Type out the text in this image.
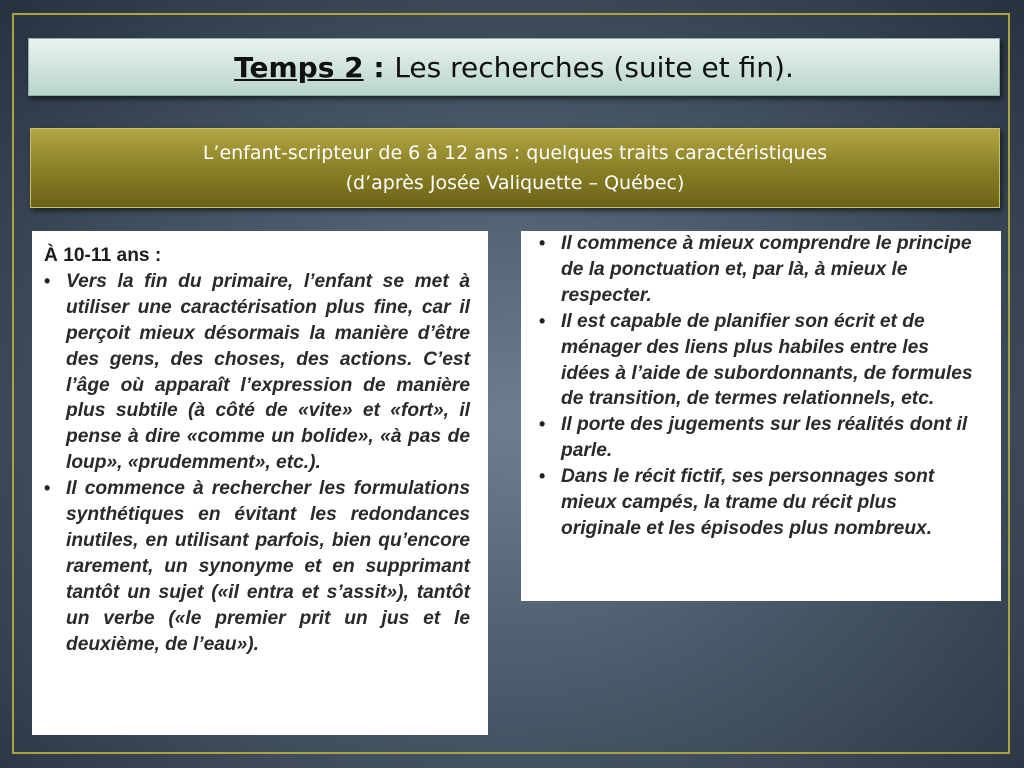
Temps 2 : Les recherches (suite et fin).
L’enfant-scripteur de 6 à 12 ans : quelques traits caractéristiques
(d’après Josée Valiquette – Québec)
À 10-11 ans :
• Vers la fin du primaire, l’enfant se met à utiliser une caractérisation plus fine, car il perçoit mieux désormais la manière d’être des gens, des choses, des actions. C’est l’âge où apparaît l’expression de manière plus subtile (à côté de «vite» et «fort», il pense à dire «comme un bolide», «à pas de loup», «prudemment», etc.).
• Il commence à rechercher les formulations synthétiques en évitant les redondances inutiles, en utilisant parfois, bien qu’encore rarement, un synonyme et en supprimant tantôt un sujet («il entra et s’assit»), tantôt un verbe («le premier prit un jus et le deuxième, de l’eau»).
• Il commence à mieux comprendre le principe de la ponctuation et, par là, à mieux le respecter.
• Il est capable de planifier son écrit et de ménager des liens plus habiles entre les idées à l’aide de subordonnants, de formules de transition, de termes relationnels, etc.
• Il porte des jugements sur les réalités dont il parle.
• Dans le récit fictif, ses personnages sont mieux campés, la trame du récit plus originale et les épisodes plus nombreux.
